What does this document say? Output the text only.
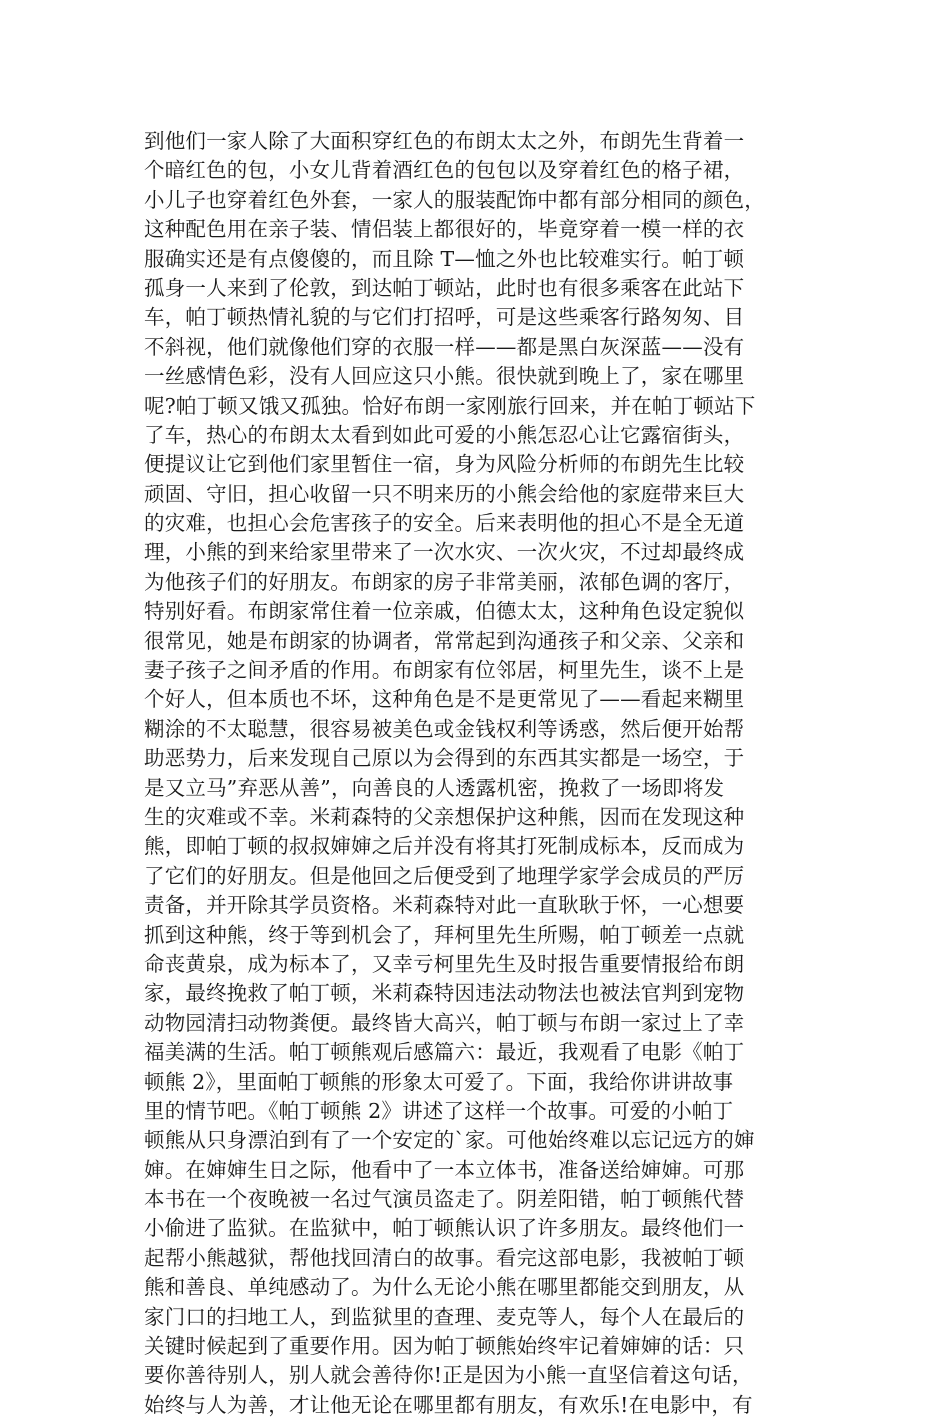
到他们一家人除了大面积穿红色的布朗太太之外，布朗先生背着一
个暗红色的包，小女儿背着酒红色的包包以及穿着红色的格子裙，
小儿子也穿着红色外套，一家人的服装配饰中都有部分相同的颜色，
这种配色用在亲子装、情侣装上都很好的，毕竟穿着一模一样的衣
服确实还是有点傻傻的，而且除 T—恤之外也比较难实行。帕丁顿
孤身一人来到了伦敦，到达帕丁顿站，此时也有很多乘客在此站下
车，帕丁顿热情礼貌的与它们打招呼，可是这些乘客行路匆匆、目
不斜视，他们就像他们穿的衣服一样——都是黑白灰深蓝——没有
一丝感情色彩，没有人回应这只小熊。很快就到晚上了，家在哪里
呢?帕丁顿又饿又孤独。恰好布朗一家刚旅行回来，并在帕丁顿站下
了车，热心的布朗太太看到如此可爱的小熊怎忍心让它露宿街头，
便提议让它到他们家里暂住一宿，身为风险分析师的布朗先生比较
顽固、守旧，担心收留一只不明来历的小熊会给他的家庭带来巨大
的灾难，也担心会危害孩子的安全。后来表明他的担心不是全无道
理，小熊的到来给家里带来了一次水灾、一次火灾，不过却最终成
为他孩子们的好朋友。布朗家的房子非常美丽，浓郁色调的客厅，
特别好看。布朗家常住着一位亲戚，伯德太太，这种角色设定貌似
很常见，她是布朗家的协调者，常常起到沟通孩子和父亲、父亲和
妻子孩子之间矛盾的作用。布朗家有位邻居，柯里先生，谈不上是
个好人，但本质也不坏，这种角色是不是更常见了——看起来糊里
糊涂的不太聪慧，很容易被美色或金钱权利等诱惑，然后便开始帮
助恶势力，后来发现自己原以为会得到的东西其实都是一场空，于
是又立马”弃恶从善”，向善良的人透露机密，挽救了一场即将发
生的灾难或不幸。米莉森特的父亲想保护这种熊，因而在发现这种
熊，即帕丁顿的叔叔婶婶之后并没有将其打死制成标本，反而成为
了它们的好朋友。但是他回之后便受到了地理学家学会成员的严厉
责备，并开除其学员资格。米莉森特对此一直耿耿于怀，一心想要
抓到这种熊，终于等到机会了，拜柯里先生所赐，帕丁顿差一点就
命丧黄泉，成为标本了，又幸亏柯里先生及时报告重要情报给布朗
家，最终挽救了帕丁顿，米莉森特因违法动物法也被法官判到宠物
动物园清扫动物粪便。最终皆大高兴，帕丁顿与布朗一家过上了幸
福美满的生活。帕丁顿熊观后感篇六：最近，我观看了电影《帕丁
顿熊 2》，里面帕丁顿熊的形象太可爱了。下面，我给你讲讲故事
里的情节吧。《帕丁顿熊 2》讲述了这样一个故事。可爱的小帕丁
顿熊从只身漂泊到有了一个安定的`家。可他始终难以忘记远方的婶
婶。在婶婶生日之际，他看中了一本立体书，准备送给婶婶。可那
本书在一个夜晚被一名过气演员盗走了。阴差阳错，帕丁顿熊代替
小偷进了监狱。在监狱中，帕丁顿熊认识了许多朋友。最终他们一
起帮小熊越狱，帮他找回清白的故事。看完这部电影，我被帕丁顿
熊和善良、单纯感动了。为什么无论小熊在哪里都能交到朋友，从
家门口的扫地工人，到监狱里的查理、麦克等人，每个人在最后的
关键时候起到了重要作用。因为帕丁顿熊始终牢记着婶婶的话：只
要你善待别人，别人就会善待你!正是因为小熊一直坚信着这句话，
始终与人为善，才让他无论在哪里都有朋友，有欢乐!在电影中，有
